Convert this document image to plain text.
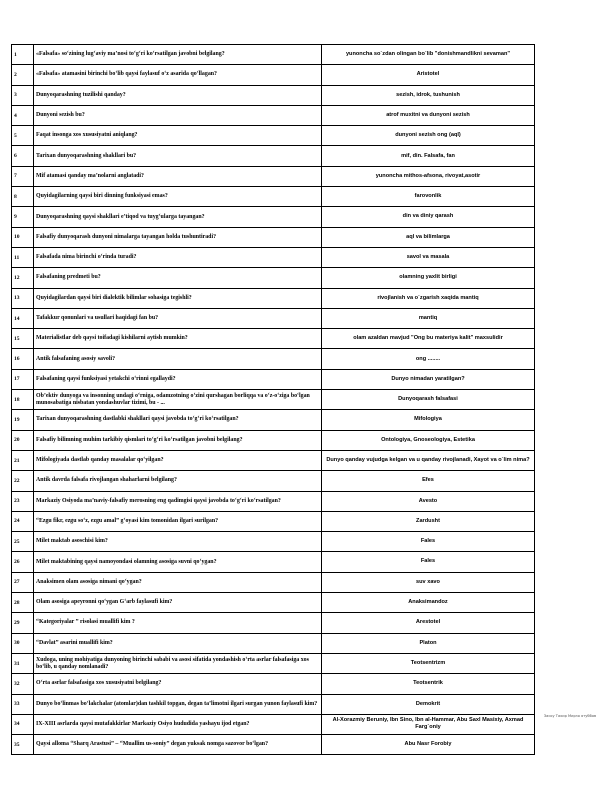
1	«Falsafa» so‘zining lug‘aviy ma’nosi to‘g‘ri ko‘rsatilgan javobni belgilang?	yunoncha so`zdan olingan bo`lib "donishmandlikni sevaman"
2	«Falsafa» atamasini birinchi bo‘lib qaysi faylasuf o‘z asarida qo‘llagan?	Aristotel
3	Dunyoqarashning tuzilishi qanday?	sezish, idrok, tushunish
4	Dunyoni sezish bu?	atrof muxitni va dunyoni sezish
5	Faqat insonga xos xususiyatni aniqlang?	dunyoni sezish ong (aql)
6	Tarixan dunyoqarashning shakllari bu?	mif, din. Falsafa, fan
7	Mif atamasi qanday ma’nolarni anglatadi?	yunoncha mithos-afsona, rivoyat,asotir
8	Quyidagilarning qaysi biri dinning funksiyasi emas?	farovonlik
9	Dunyoqarashning qaysi shakllari e’tiqod va tuyg‘ularga tayangan?	din va diniy qarash
10	Falsafiy dunyoqarash dunyoni nimalarga tayangan holda tushuntiradi?	aql va bilimlarga
11	Falsafada nima birinchi o‘rinda turadi?	savol va masala
12	Falsafaning predmeti bu?	olamning yaxlit birligi
13	Quyidagilardan qaysi biri dialektik bilimlar sohasiga tegishli?	rivojlanish va o`zgarish xaqida mantiq
14	Tafakkur qonunlari va usullari haqidagi fan bu?	mantiq
15	Materialistlar deb qaysi toifadagi kishilarni aytish mumkin?	olam azaldan mavjud "Ong bu materiya kalit" maxsulidir
16	Antik falsafaning asosiy savoli?	ong ........
17	Falsafaning qaysi funksiyasi yetakchi o‘rinni egallaydi?	Dunyo nimadan yaratilgan?
18	Ob’ektiv dunyoga va insonning undagi o‘rniga, odamzotning o‘zini qurshagan borliqqa va o‘z-o‘ziga bo‘lgan munosabatiga nisbatan yondashuvlar tizimi, bu - ...	Dunyoqarash falsafasi
19	Tarixan dunyoqarashning dastlabki shakllari qaysi javobda to‘g‘ri ko‘rsatilgan?	Mifologiya
20	Falsafiy bilimning muhim tarkibiy qismlari to‘g‘ri ko‘rsatilgan javobni belgilang?	Ontologiya, Gnoseologiya, Estetika
21	Mifologiyada dastlab qanday masalalar qo‘yilgan?	Dunyo qanday vujudga kelgan va u qanday rivojlanadi, Xayot va o`lim nima?
22	Antik davrda falsafa rivojlangan shaharlarni belgilang?	Efes
23	Markaziy Osiyoda ma’naviy-falsafiy merosning eng qadimgisi qaysi javobda to‘g‘ri ko‘rsatilgan?	Avesto
24	“Ezgu fikr, ezgu so‘z, ezgu amal” g‘oyasi kim tomonidan ilgari surilgan?	Zardusht
25	Milet maktab asoschisi kim?	Fales
26	Milet maktabining qaysi namoyondasi olamning asosiga suvni qo‘ygan?	Fales
27	Anaksimen olam asosiga nimani qo‘ygan?	suv xavo
28	Olam asosiga apeyronni qo‘ygan G‘arb faylasufi kim?	Anaksimandoz
29	“Kategoriyalar ” risolasi muallifi kim ?	Arestotel
30	“Davlat” asarini muallifi kim?	Platon
31	Xudoga, uning mohiyatiga dunyoning birinchi sababi va asosi sifatida yondashish o‘rta asrlar falsafasiga xos bo‘lib, u qanday nomlanadi?	Teotsentrizm
32	O‘rta asrlar falsafasiga xos xususiyatni belgilang?	Teotsentrik
33	Dunyo bo‘linmas bo‘lakchalar (atomlar)dan tashkil topgan, degan ta’limotni ilgari surgan yunon faylasufi kim?	Demokrit
34	IX-XIII asrlarda qaysi mutafakkirlar Markaziy Osiyo hududida yashayu ijod etgan?	Al-Xorazmiy Beruniy, Ibn Sino, Ibn al-Hammar, Abu Saxl Masixiy, Axmad Farg`oniy
35	Qaysi alloma “Sharq Arastusi” – “Muallim us-soniy” degan yuksak nomga sazovor bo‘lgan?	Abu Nasr Forobiy
Засоу Тахир Мирзо ятуббов
